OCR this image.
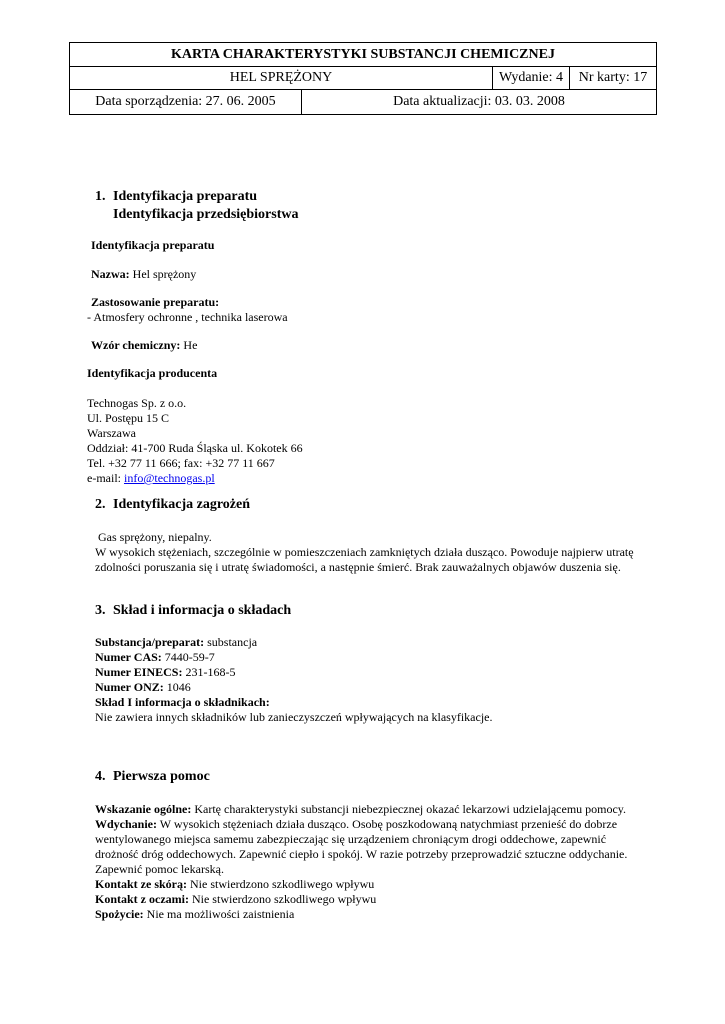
KARTA CHARAKTERYSTYKI SUBSTANCJI CHEMICZNEJ			
HEL SPRĘŻONY		Wydanie: 4	Nr karty: 17
Data sporządzenia: 27. 06. 2005	Data aktualizacji: 03. 03. 2008		
1. Identyfikacja preparatu
Identyfikacja przedsiębiorstwa
Identyfikacja preparatu
Nazwa: Hel sprężony
Zastosowanie preparatu:
- Atmosfery ochronne , technika laserowa
Wzór chemiczny: He
Identyfikacja producenta
Technogas Sp. z o.o.
Ul. Postępu 15 C
Warszawa
Oddział: 41-700 Ruda Śląska ul. Kokotek 66
Tel. +32 77 11 666; fax: +32 77 11 667
e-mail: info@technogas.pl
2. Identyfikacja zagrożeń
Gas sprężony, niepalny.
W wysokich stężeniach, szczególnie w pomieszczeniach zamkniętych działa dusząco. Powoduje najpierw utratę
zdolności poruszania się i utratę świadomości, a następnie śmierć. Brak zauważalnych objawów duszenia się.
3. Skład i informacja o składach
Substancja/preparat: substancja
Numer CAS: 7440-59-7
Numer EINECS: 231-168-5
Numer ONZ: 1046
Skład I informacja o składnikach:
Nie zawiera innych składników lub zanieczyszczeń wpływających na klasyfikacje.
4. Pierwsza pomoc
Wskazanie ogólne: Kartę charakterystyki substancji niebezpiecznej okazać lekarzowi udzielającemu pomocy.
Wdychanie: W wysokich stężeniach działa dusząco. Osobę poszkodowaną natychmiast przenieść do dobrze
wentylowanego miejsca samemu zabezpieczając się urządzeniem chroniącym drogi oddechowe, zapewnić
drożność dróg oddechowych. Zapewnić ciepło i spokój. W razie potrzeby przeprowadzić sztuczne oddychanie.
Zapewnić pomoc lekarską.
Kontakt ze skórą: Nie stwierdzono szkodliwego wpływu
Kontakt z oczami: Nie stwierdzono szkodliwego wpływu
Spożycie: Nie ma możliwości zaistnienia
